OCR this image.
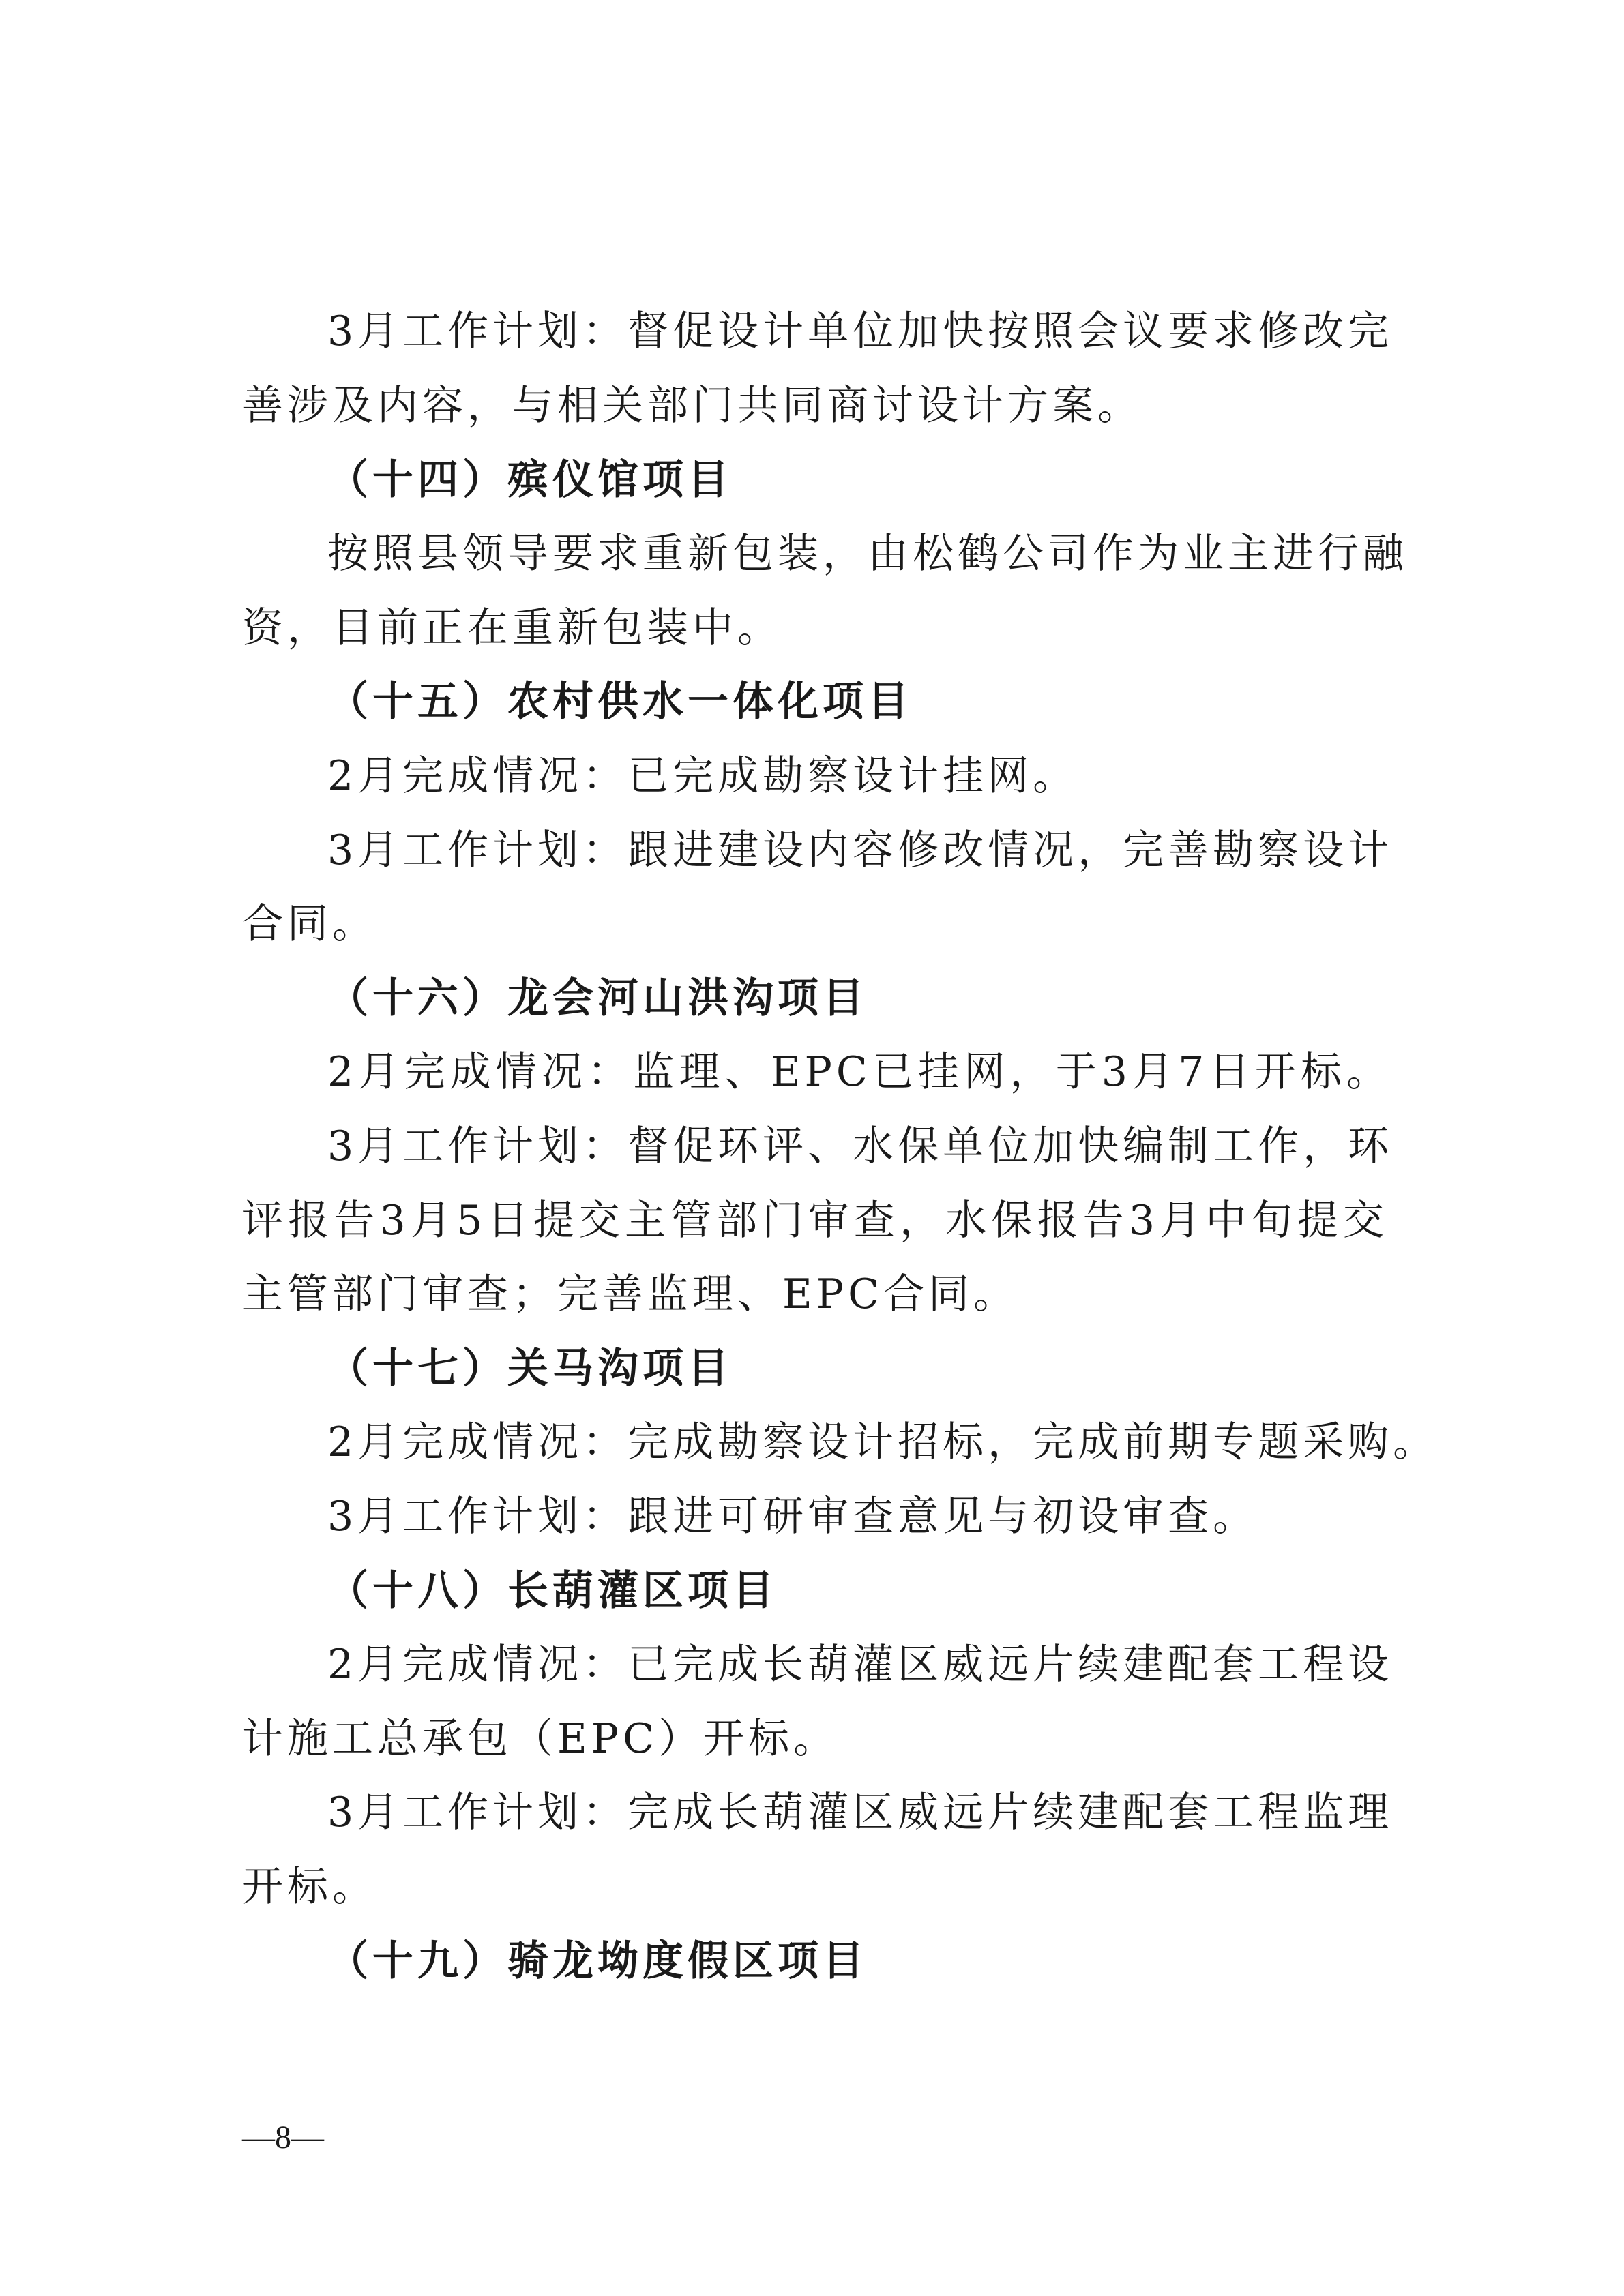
3月工作计划：督促设计单位加快按照会议要求修改完
善涉及内容，与相关部门共同商讨设计方案。
（十四）殡仪馆项目
按照县领导要求重新包装，由松鹤公司作为业主进行融
资，目前正在重新包装中。
（十五）农村供水一体化项目
2月完成情况：已完成勘察设计挂网。
3月工作计划：跟进建设内容修改情况，完善勘察设计
合同。
（十六）龙会河山洪沟项目
2月完成情况：监理、EPC已挂网，于3月7日开标。
3月工作计划：督促环评、水保单位加快编制工作，环
评报告3月5日提交主管部门审查，水保报告3月中旬提交
主管部门审查；完善监理、EPC合同。
（十七）关马沟项目
2月完成情况：完成勘察设计招标，完成前期专题采购。
3月工作计划：跟进可研审查意见与初设审查。
（十八）长葫灌区项目
2月完成情况：已完成长葫灌区威远片续建配套工程设
计施工总承包（EPC）开标。
3月工作计划：完成长葫灌区威远片续建配套工程监理
开标。
（十九）骑龙坳度假区项目
—8—
